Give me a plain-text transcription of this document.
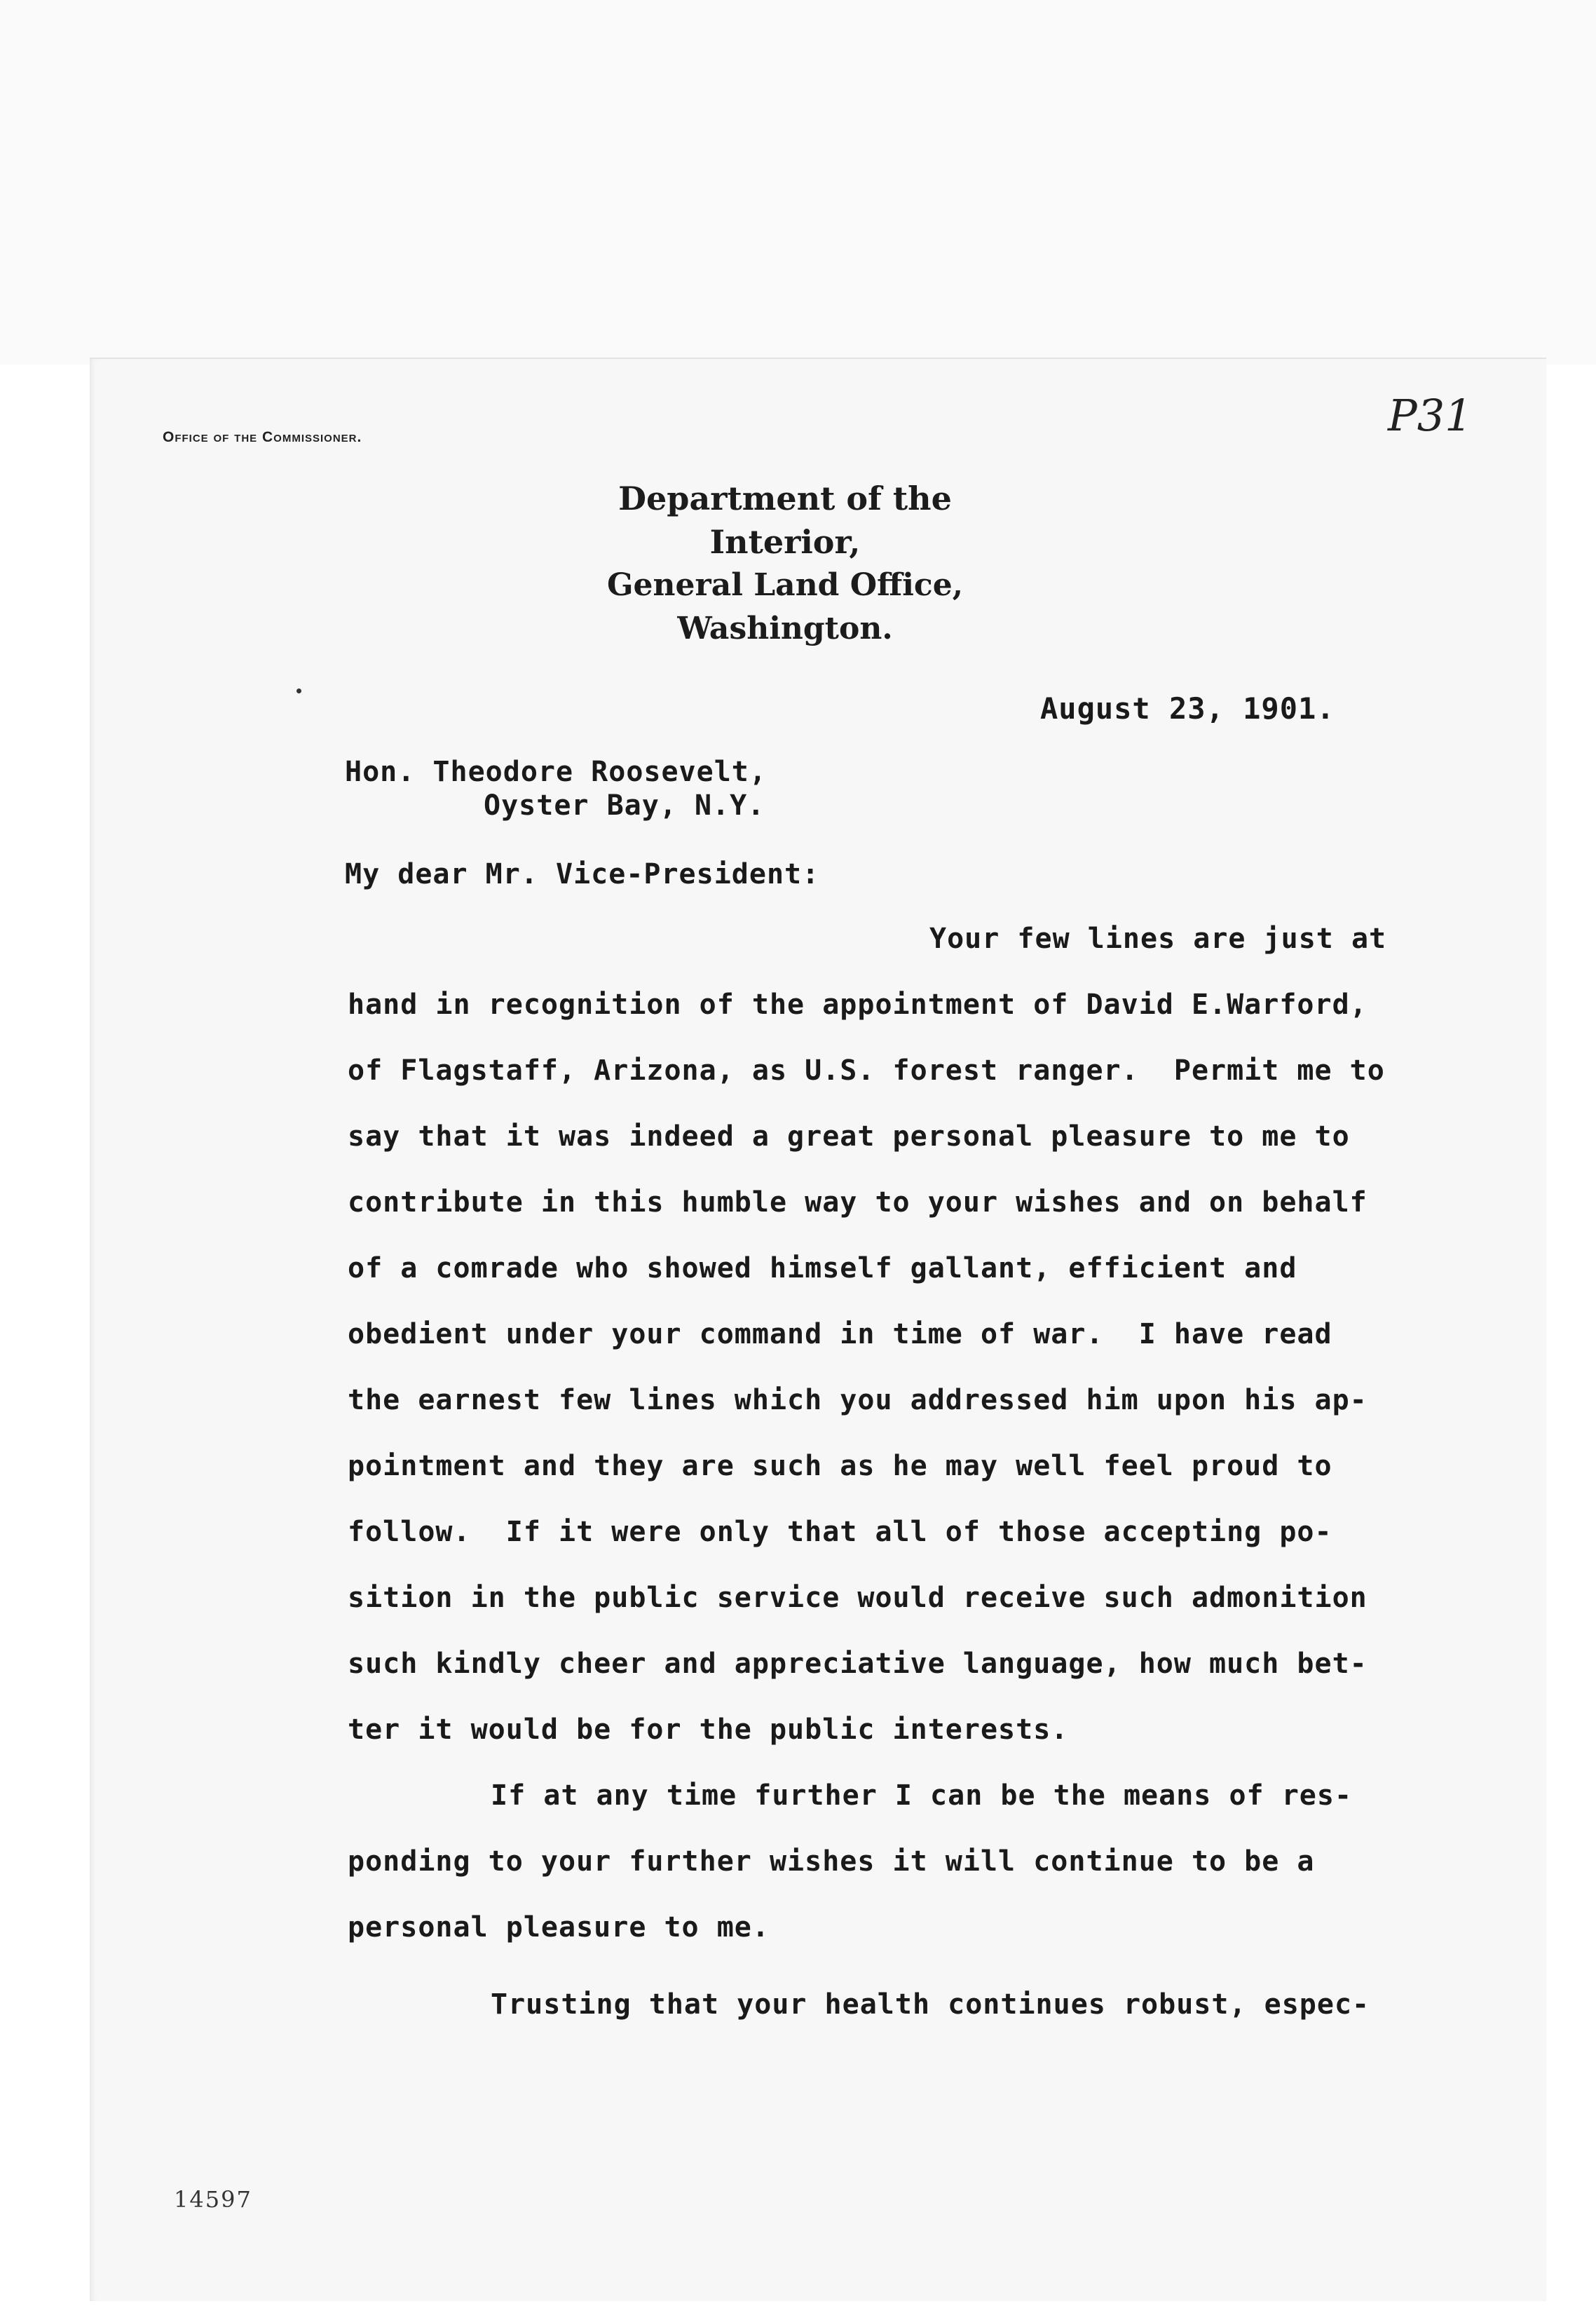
Office of the Commissioner.	P31
Department of the Interior,
General Land Office,
Washington.
August 23, 1901.
Hon. Theodore Roosevelt,
Oyster Bay, N.Y.
My dear Mr. Vice-President:
Your few lines are just at
hand in recognition of the appointment of David E.Warford,
of Flagstaff, Arizona, as U.S. forest ranger.  Permit me to
say that it was indeed a great personal pleasure to me to
contribute in this humble way to your wishes and on behalf
of a comrade who showed himself gallant, efficient and
obedient under your command in time of war.  I have read
the earnest few lines which you addressed him upon his ap-
pointment and they are such as he may well feel proud to
follow.  If it were only that all of those accepting po-
sition in the public service would receive such admonition
such kindly cheer and appreciative language, how much bet-
ter it would be for the public interests.
If at any time further I can be the means of res-
ponding to your further wishes it will continue to be a
personal pleasure to me.
Trusting that your health continues robust, espec-
14597
